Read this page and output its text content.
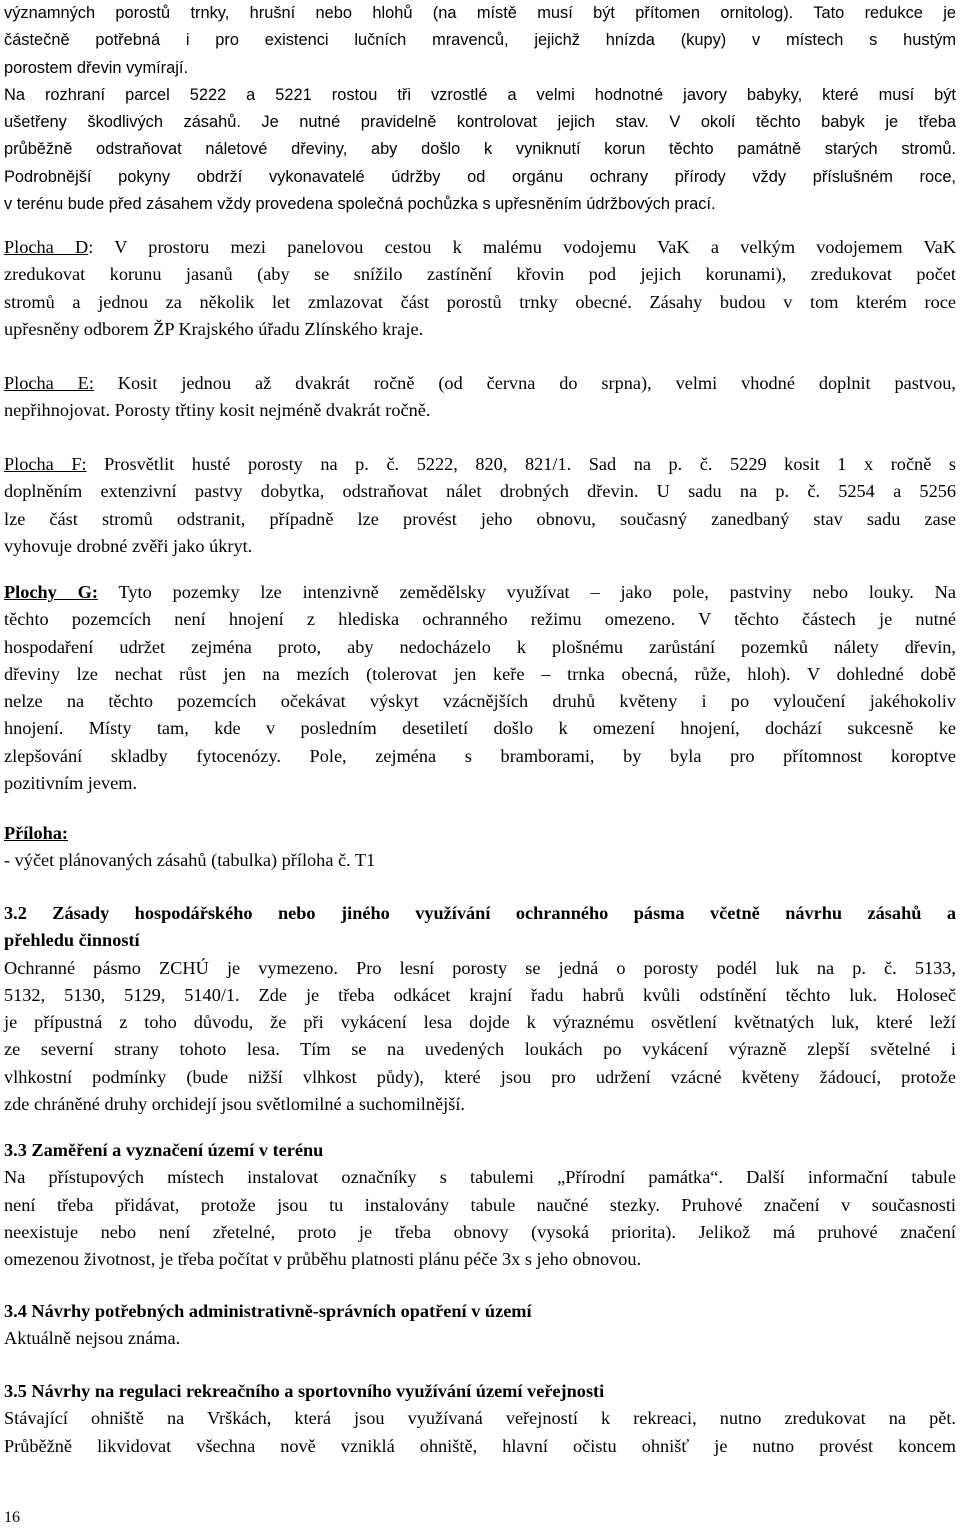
významných porostů trnky, hrušní nebo hlohů (na místě musí být přítomen ornitolog). Tato redukce je
částečně potřebná i pro existenci lučních mravenců, jejichž hnízda (kupy) v místech s hustým
porostem dřevin vymírají.
Na rozhraní parcel 5222 a 5221 rostou tři vzrostlé a velmi hodnotné javory babyky, které musí být
ušetřeny škodlivých zásahů. Je nutné pravidelně kontrolovat jejich stav. V okolí těchto babyk je třeba
průběžně odstraňovat náletové dřeviny, aby došlo k vyniknutí korun těchto památně starých stromů.
Podrobnější pokyny obdrží vykonavatelé údržby od orgánu ochrany přírody vždy příslušném roce,
v terénu bude před zásahem vždy provedena společná pochůzka s upřesněním údržbových prací.
Plocha D: V prostoru mezi panelovou cestou k malému vodojemu VaK a velkým vodojemem VaK
zredukovat korunu jasanů (aby se snížilo zastínění křovin pod jejich korunami), zredukovat počet
stromů a jednou za několik let zmlazovat část porostů trnky obecné. Zásahy budou v tom kterém roce
upřesněny odborem ŽP Krajského úřadu Zlínského kraje.
Plocha E: Kosit jednou až dvakrát ročně (od června do srpna), velmi vhodné doplnit pastvou,
nepřihnojovat. Porosty třtiny kosit nejméně dvakrát ročně.
Plocha F: Prosvětlit husté porosty na p. č. 5222, 820, 821/1. Sad na p. č. 5229 kosit 1 x ročně s
doplněním extenzivní pastvy dobytka, odstraňovat nálet drobných dřevin. U sadu na p. č. 5254 a 5256
lze část stromů odstranit, případně lze provést jeho obnovu, současný zanedbaný stav sadu zase
vyhovuje drobné zvěři jako úkryt.
Plochy G: Tyto pozemky lze intenzivně zemědělsky využívat – jako pole, pastviny nebo louky. Na
těchto pozemcích není hnojení z hlediska ochranného režimu omezeno. V těchto částech je nutné
hospodaření udržet zejména proto, aby nedocházelo k plošnému zarůstání pozemků nálety dřevin,
dřeviny lze nechat růst jen na mezích (tolerovat jen keře – trnka obecná, růže, hloh). V dohledné době
nelze na těchto pozemcích očekávat výskyt vzácnějších druhů květeny i po vyloučení jakéhokoliv
hnojení. Místy tam, kde v posledním desetiletí došlo k omezení hnojení, dochází sukcesně ke
zlepšování skladby fytocenózy. Pole, zejména s bramborami, by byla pro přítomnost koroptve
pozitivním jevem.
Příloha:
- výčet plánovaných zásahů (tabulka) příloha č. T1
3.2 Zásady hospodářského nebo jiného využívání ochranného pásma včetně návrhu zásahů a
přehledu činností
Ochranné pásmo ZCHÚ je vymezeno. Pro lesní porosty se jedná o porosty podél luk na p. č. 5133,
5132, 5130, 5129, 5140/1. Zde je třeba odkácet krajní řadu habrů kvůli odstínění těchto luk. Holoseč
je přípustná z toho důvodu, že při vykácení lesa dojde k výraznému osvětlení květnatých luk, které leží
ze severní strany tohoto lesa. Tím se na uvedených loukách po vykácení výrazně zlepší světelné i
vlhkostní podmínky (bude nižší vlhkost půdy), které jsou pro udržení vzácné květeny žádoucí, protože
zde chráněné druhy orchidejí jsou světlomilné a suchomilnější.
3.3 Zaměření a vyznačení území v terénu
Na přístupových místech instalovat označníky s tabulemi „Přírodní památka“. Další informační tabule
není třeba přidávat, protože jsou tu instalovány tabule naučné stezky. Pruhové značení v současnosti
neexistuje nebo není zřetelné, proto je třeba obnovy (vysoká priorita). Jelikož má pruhové značení
omezenou životnost, je třeba počítat v průběhu platnosti plánu péče 3x s jeho obnovou.
3.4 Návrhy potřebných administrativně-správních opatření v území
Aktuálně nejsou známa.
3.5 Návrhy na regulaci rekreačního a sportovního využívání území veřejnosti
Stávající ohniště na Vrškách, která jsou využívaná veřejností k rekreaci, nutno zredukovat na pět.
Průběžně likvidovat všechna nově vzniklá ohniště, hlavní očistu ohnišť je nutno provést koncem
16
